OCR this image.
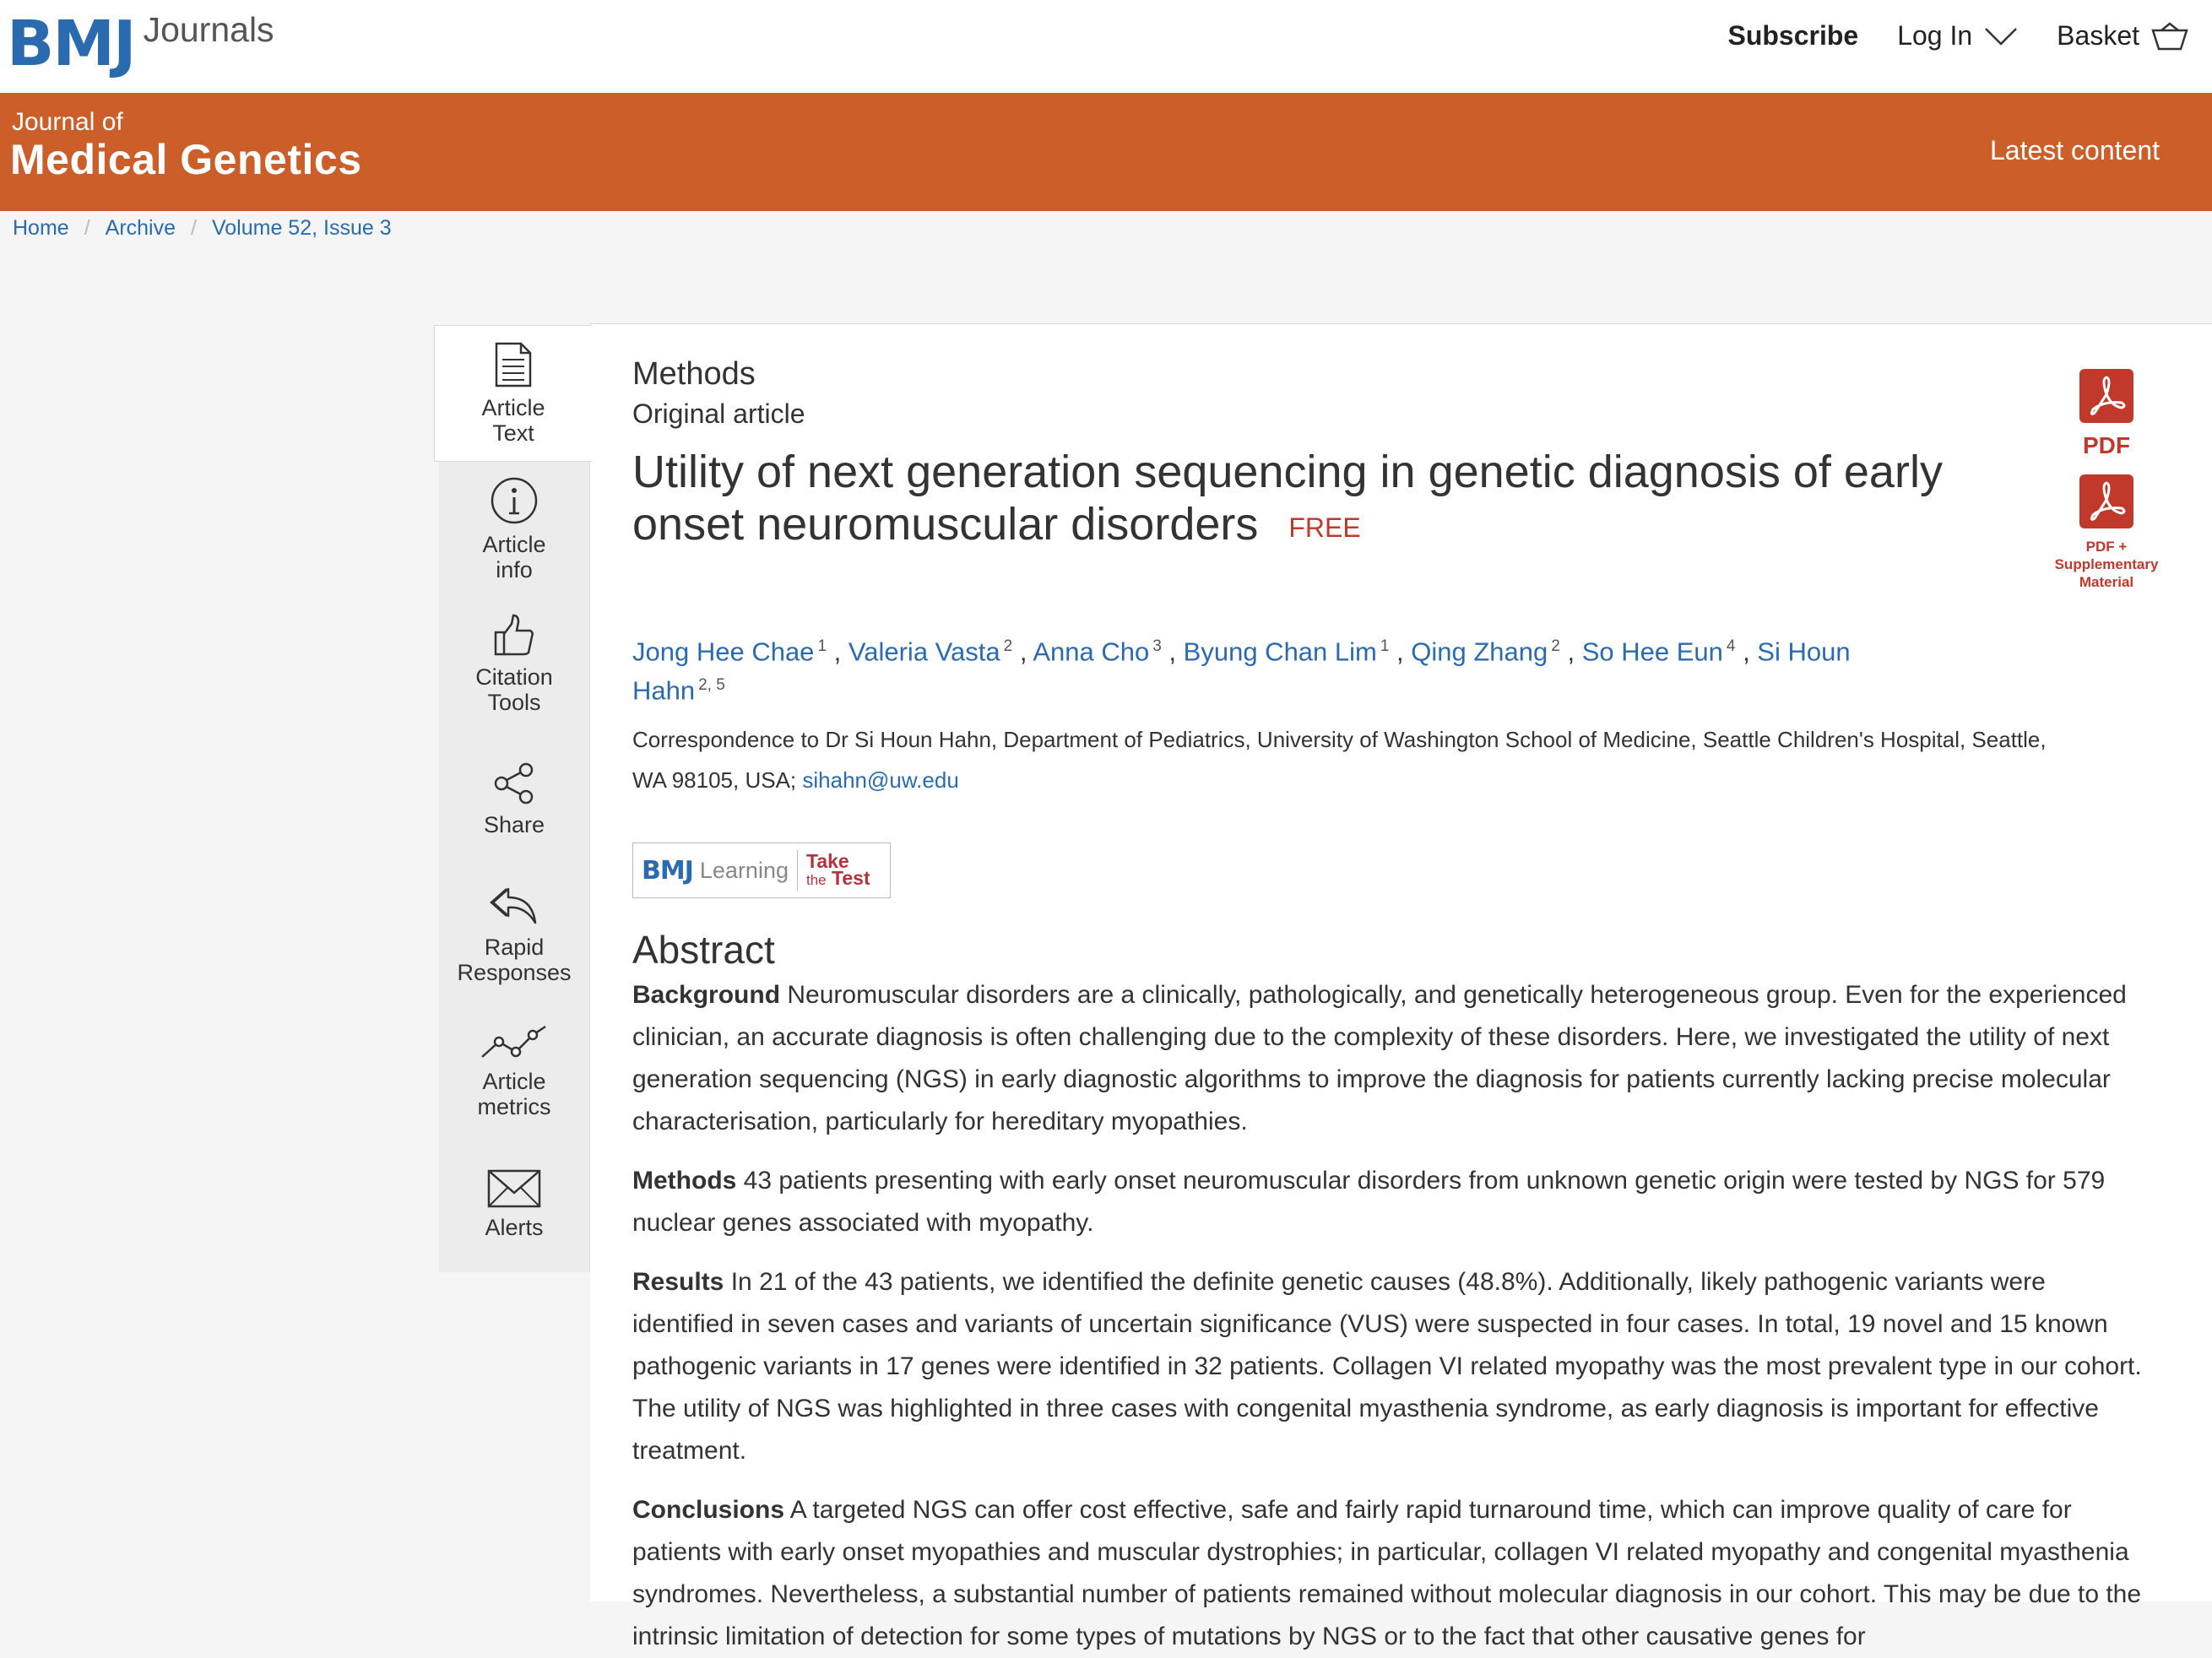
BMJ Journals	Subscribe Log In	Basket
Journal of
Medical Genetics	Latest content
Home / Archive / Volume 52, Issue 3
Methods
Original article
Utility of next generation sequencing in genetic diagnosis of early onset neuromuscular disorders FREE
Jong Hee Chae $^1$ , Valeria Vasta $^2$ , Anna Cho $^3$ , Byung Chan Lim $^1$ , Qing Zhang $^2$ , So Hee Eun $^4$ , Si Houn Hahn $^{2, 5}$
Correspondence to Dr Si Houn Hahn, Department of Pediatrics, University of Washington School of Medicine, Seattle Children's Hospital, Seattle, WA 98105, USA; sihahn@uw.edu
BMJ Learning Take
the Test
Abstract
Background Neuromuscular disorders are a clinically, pathologically, and genetically heterogeneous group. Even for the experienced clinician, an accurate diagnosis is often challenging due to the complexity of these disorders. Here, we investigated the utility of next generation sequencing (NGS) in early diagnostic algorithms to improve the diagnosis for patients currently lacking precise molecular characterisation, particularly for hereditary myopathies.
Methods 43 patients presenting with early onset neuromuscular disorders from unknown genetic origin were tested by NGS for 579 nuclear genes associated with myopathy.
Results In 21 of the 43 patients, we identified the definite genetic causes (48.8%). Additionally, likely pathogenic variants were identified in seven cases and variants of uncertain significance (VUS) were suspected in four cases. In total, 19 novel and 15 known pathogenic variants in 17 genes were identified in 32 patients. Collagen VI related myopathy was the most prevalent type in our cohort. The utility of NGS was highlighted in three cases with congenital myasthenia syndrome, as early diagnosis is important for effective treatment.
Conclusions A targeted NGS can offer cost effective, safe and fairly rapid turnaround time, which can improve quality of care for patients with early onset myopathies and muscular dystrophies; in particular, collagen VI related myopathy and congenital myasthenia syndromes. Nevertheless, a substantial number of patients remained without molecular diagnosis in our cohort. This may be due to the intrinsic limitation of detection for some types of mutations by NGS or to the fact that other causative genes for
Article
Text
Article
info
Citation
Tools
Share
Rapid
Responses
Article
metrics
Alerts
PDF
PDF +
Supplementary
Material
